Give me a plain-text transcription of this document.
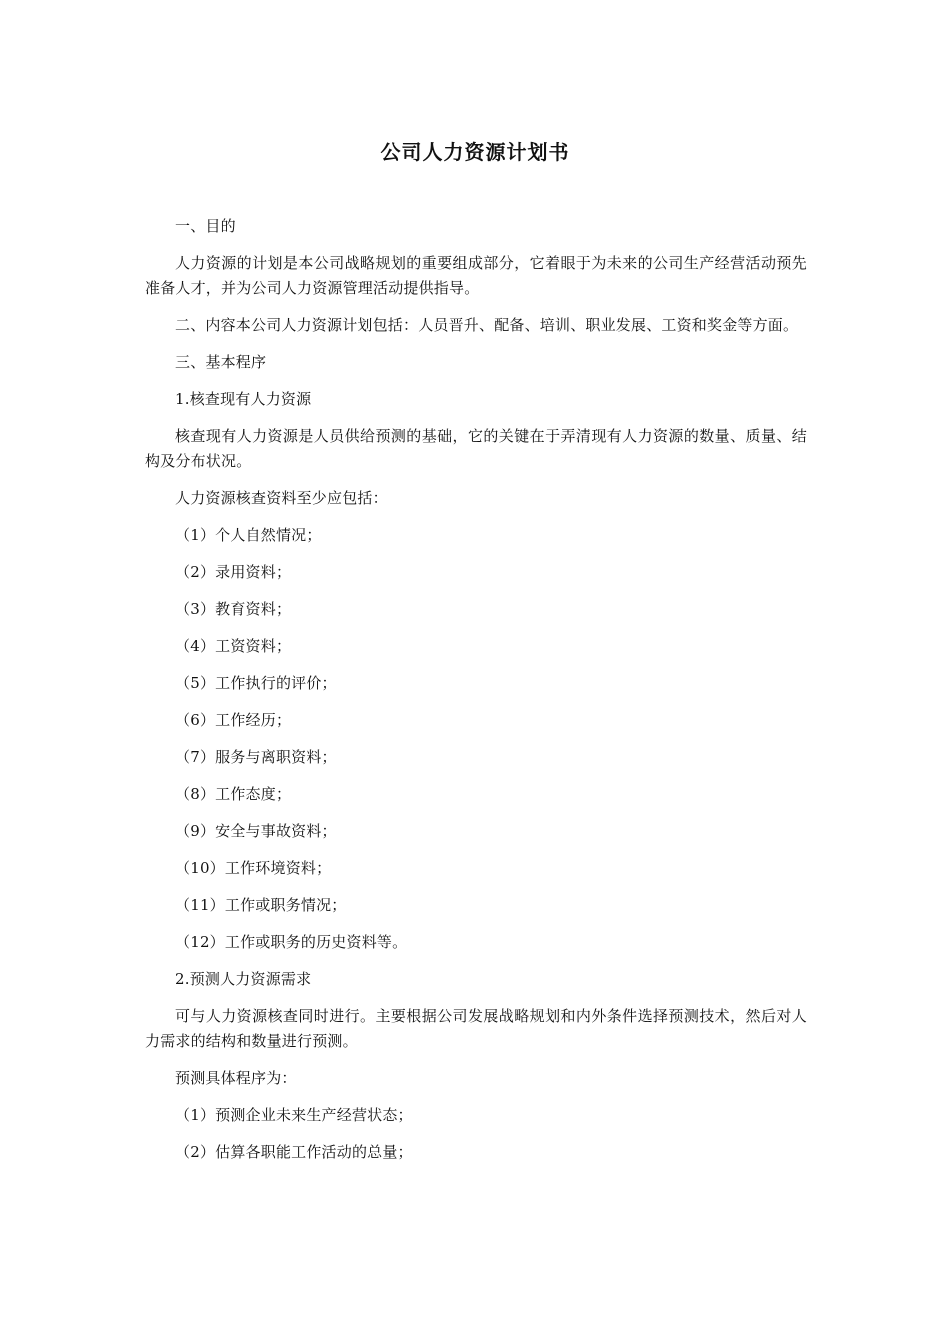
公司人力资源计划书

一、目的

人力资源的计划是本公司战略规划的重要组成部分，它着眼于为未来的公司生产经营活动预先准备人才，并为公司人力资源管理活动提供指导。

二、内容本公司人力资源计划包括：人员晋升、配备、培训、职业发展、工资和奖金等方面。

三、基本程序

1.核查现有人力资源

核查现有人力资源是人员供给预测的基础，它的关键在于弄清现有人力资源的数量、质量、结构及分布状况。

人力资源核查资料至少应包括：

（1）个人自然情况；

（2）录用资料；

（3）教育资料；

（4）工资资料；

（5）工作执行的评价；

（6）工作经历；

（7）服务与离职资料；

（8）工作态度；

（9）安全与事故资料；

（10）工作环境资料；

（11）工作或职务情况；

（12）工作或职务的历史资料等。

2.预测人力资源需求

可与人力资源核查同时进行。主要根据公司发展战略规划和内外条件选择预测技术，然后对人力需求的结构和数量进行预测。

预测具体程序为：

（1）预测企业未来生产经营状态；

（2）估算各职能工作活动的总量；
